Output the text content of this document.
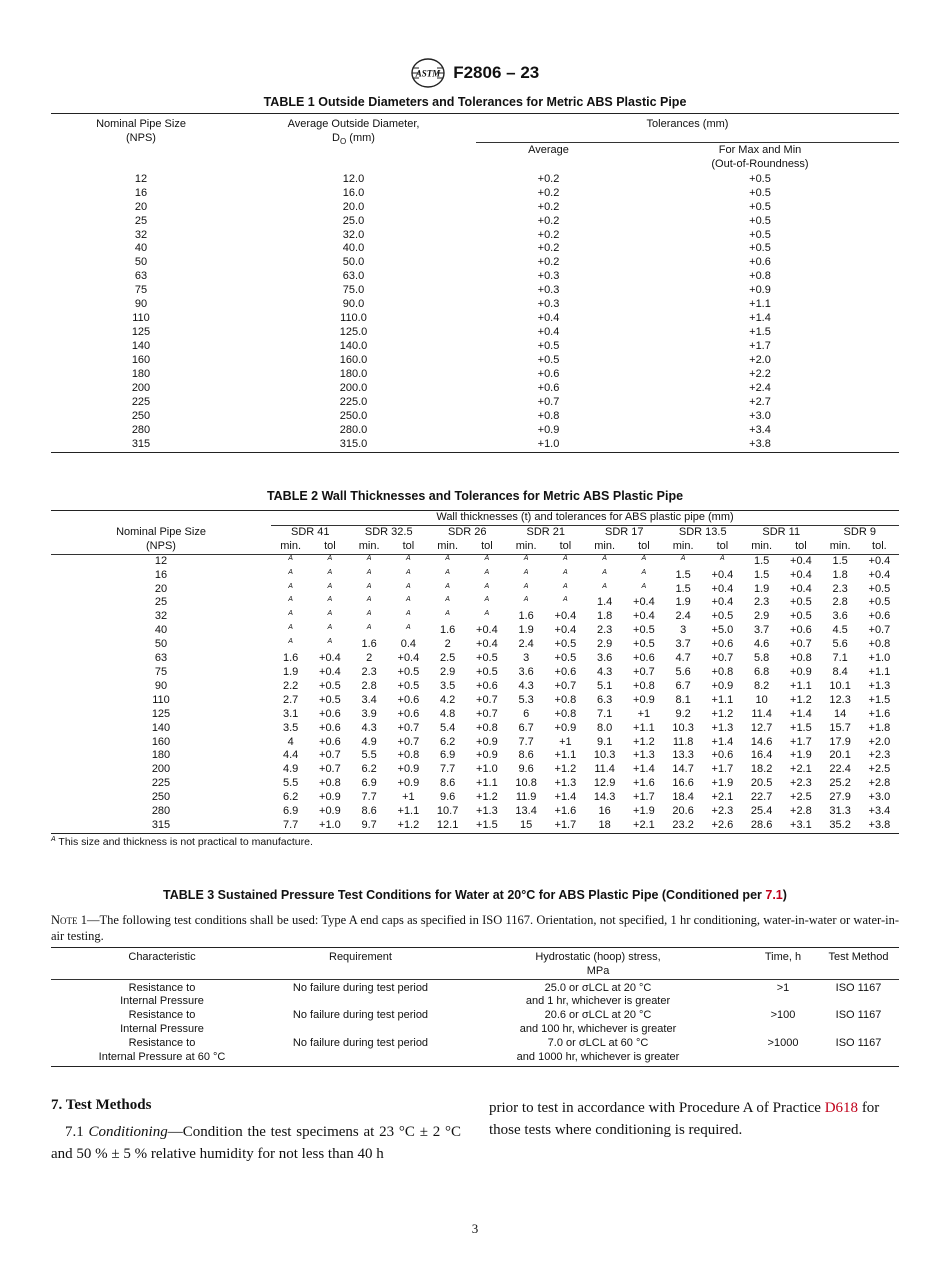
ASTM F2806 – 23
TABLE 1 Outside Diameters and Tolerances for Metric ABS Plastic Pipe
Nominal Pipe Size
(NPS)	Average Outside Diameter,
$D_O$ (mm)	Tolerances (mm)	
		Average	For Max and Min
(Out-of-Roundness)
12	12.0	+0.2	+0.5
16	16.0	+0.2	+0.5
20	20.0	+0.2	+0.5
25	25.0	+0.2	+0.5
32	32.0	+0.2	+0.5
40	40.0	+0.2	+0.5
50	50.0	+0.2	+0.6
63	63.0	+0.3	+0.8
75	75.0	+0.3	+0.9
90	90.0	+0.3	+1.1
110	110.0	+0.4	+1.4
125	125.0	+0.4	+1.5
140	140.0	+0.5	+1.7
160	160.0	+0.5	+2.0
180	180.0	+0.6	+2.2
200	200.0	+0.6	+2.4
225	225.0	+0.7	+2.7
250	250.0	+0.8	+3.0
280	280.0	+0.9	+3.4
315	315.0	+1.0	+3.8
TABLE 2 Wall Thicknesses and Tolerances for Metric ABS Plastic Pipe
	Wall thicknesses (t) and tolerances for ABS plastic pipe (mm)															
Nominal Pipe Size	SDR 41		SDR 32.5		SDR 26		SDR 21		SDR 17		SDR 13.5		SDR 11		SDR 9	
(NPS)	min.	tol	min.	tol	min.	tol	min.	tol	min.	tol	min.	tol	min.	tol	min.	tol.
12	$^A$	$^A$	$^A$	$^A$	$^A$	$^A$	$^A$	$^A$	$^A$	$^A$	$^A$	$^A$	1.5	+0.4	1.5	+0.4
16	$^A$	$^A$	$^A$	$^A$	$^A$	$^A$	$^A$	$^A$	$^A$	$^A$	1.5	+0.4	1.5	+0.4	1.8	+0.4
20	$^A$	$^A$	$^A$	$^A$	$^A$	$^A$	$^A$	$^A$	$^A$	$^A$	1.5	+0.4	1.9	+0.4	2.3	+0.5
25	$^A$	$^A$	$^A$	$^A$	$^A$	$^A$	$^A$	$^A$	1.4	+0.4	1.9	+0.4	2.3	+0.5	2.8	+0.5
32	$^A$	$^A$	$^A$	$^A$	$^A$	$^A$	1.6	+0.4	1.8	+0.4	2.4	+0.5	2.9	+0.5	3.6	+0.6
40	$^A$	$^A$	$^A$	$^A$	1.6	+0.4	1.9	+0.4	2.3	+0.5	3	+5.0	3.7	+0.6	4.5	+0.7
50	$^A$	$^A$	1.6	0.4	2	+0.4	2.4	+0.5	2.9	+0.5	3.7	+0.6	4.6	+0.7	5.6	+0.8
63	1.6	+0.4	2	+0.4	2.5	+0.5	3	+0.5	3.6	+0.6	4.7	+0.7	5.8	+0.8	7.1	+1.0
75	1.9	+0.4	2.3	+0.5	2.9	+0.5	3.6	+0.6	4.3	+0.7	5.6	+0.8	6.8	+0.9	8.4	+1.1
90	2.2	+0.5	2.8	+0.5	3.5	+0.6	4.3	+0.7	5.1	+0.8	6.7	+0.9	8.2	+1.1	10.1	+1.3
110	2.7	+0.5	3.4	+0.6	4.2	+0.7	5.3	+0.8	6.3	+0.9	8.1	+1.1	10	+1.2	12.3	+1.5
125	3.1	+0.6	3.9	+0.6	4.8	+0.7	6	+0.8	7.1	+1	9.2	+1.2	11.4	+1.4	14	+1.6
140	3.5	+0.6	4.3	+0.7	5.4	+0.8	6.7	+0.9	8.0	+1.1	10.3	+1.3	12.7	+1.5	15.7	+1.8
160	4	+0.6	4.9	+0.7	6.2	+0.9	7.7	+1	9.1	+1.2	11.8	+1.4	14.6	+1.7	17.9	+2.0
180	4.4	+0.7	5.5	+0.8	6.9	+0.9	8.6	+1.1	10.3	+1.3	13.3	+0.6	16.4	+1.9	20.1	+2.3
200	4.9	+0.7	6.2	+0.9	7.7	+1.0	9.6	+1.2	11.4	+1.4	14.7	+1.7	18.2	+2.1	22.4	+2.5
225	5.5	+0.8	6.9	+0.9	8.6	+1.1	10.8	+1.3	12.9	+1.6	16.6	+1.9	20.5	+2.3	25.2	+2.8
250	6.2	+0.9	7.7	+1	9.6	+1.2	11.9	+1.4	14.3	+1.7	18.4	+2.1	22.7	+2.5	27.9	+3.0
280	6.9	+0.9	8.6	+1.1	10.7	+1.3	13.4	+1.6	16	+1.9	20.6	+2.3	25.4	+2.8	31.3	+3.4
315	7.7	+1.0	9.7	+1.2	12.1	+1.5	15	+1.7	18	+2.1	23.2	+2.6	28.6	+3.1	35.2	+3.8
$^A$ This size and thickness is not practical to manufacture.
TABLE 3 Sustained Pressure Test Conditions for Water at 20°C for ABS Plastic Pipe (Conditioned per 7.1)
Note 1—The following test conditions shall be used: Type A end caps as specified in ISO 1167. Orientation, not specified, 1 hr conditioning, water-in-water or water-in-air testing.
Characteristic	Requirement	Hydrostatic (hoop) stress,
MPa	Time, h	Test Method
Resistance to
Internal Pressure	No failure during test period	25.0 or σLCL at 20 °C
and 1 hr, whichever is greater	>1	ISO 1167
Resistance to
Internal Pressure	No failure during test period	20.6 or σLCL at 20 °C
and 100 hr, whichever is greater	>100	ISO 1167
Resistance to
Internal Pressure at 60 °C	No failure during test period	7.0 or σLCL at 60 °C
and 1000 hr, whichever is greater	>1000	ISO 1167
7. Test Methods
7.1 Conditioning—Condition the test specimens at 23 °C ± 2 °C and 50 % ± 5 % relative humidity for not less than 40 h
prior to test in accordance with Procedure A of Practice D618 for those tests where conditioning is required.
3
